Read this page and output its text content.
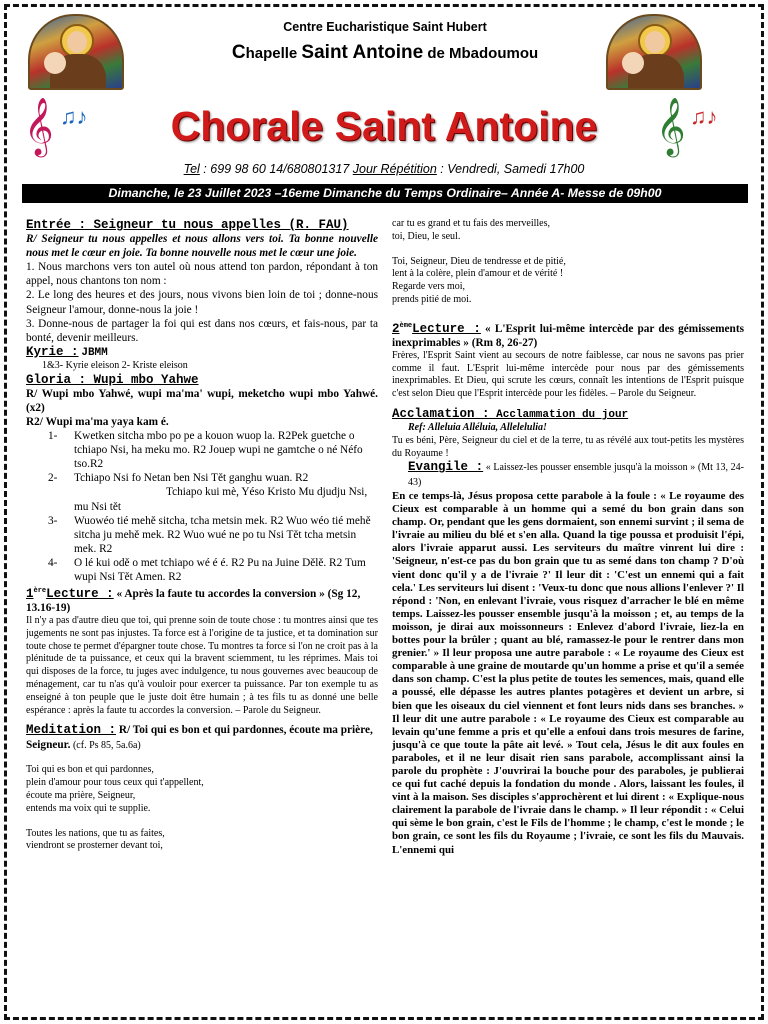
Centre Eucharistique Saint Hubert
Chapelle Saint Antoine de Mbadoumou
𝄞 ♫♪	Chorale Saint Antoine	𝄞 ♫♪
Tel : 699 98 60 14/680801317 Jour Répétition : Vendredi, Samedi 17h00
Dimanche, le 23 Juillet 2023 –16eme Dimanche du Temps Ordinaire– Année A- Messe de 09h00

Entrée : Seigneur tu nous appelles (R. FAU)

R/ Seigneur tu nous appelles et nous allons vers toi. Ta bonne nouvelle nous met le cœur en joie. Ta bonne nouvelle nous met le cœur une joie.

1. Nous marchons vers ton autel où nous attend ton pardon, répondant à ton appel, nous chantons ton nom :

2. Le long des heures et des jours, nous vivons bien loin de toi ; donne-nous Seigneur l'amour, donne-nous la joie !

3. Donne-nous de partager la foi qui est dans nos cœurs, et fais-nous, par ta bonté, devenir meilleurs.

Kyrie : JBMM

1&3- Kyrie eleison 2- Kriste eleison

Gloria : Wupi mbo Yahwe

R/ Wupi mbo Yahwé, wupi ma'ma' wupi, meketcho wupi mbo Yahwé. (x2)

R2/ Wupi ma'ma yaya kam é.

1- Kwetken sitcha mbo po pe a kouon wuop la. R2Pek guetche o tchiapo Nsi, ha meku mo. R2 Jouep wupi ne gamtche o né Néfo tso.R2
2- Tchiapo Nsi fo Netan ben Nsi Tět ganghu wuan. R2
Tchiapo kui mè, Yéso Kristo Mu djudju Nsi, mu Nsi tět
3- Wuowéo tié mehě sitcha, tcha metsin mek. R2 Wuo wéo tié mehě sitcha ju mehě mek. R2 Wuo wué ne po tu Nsi Tět tcha metsin mek. R2
4- O lé kui odě o met tchiapo wé é é. R2 Pu na Juine Dělě. R2 Tum wupi Nsi Tět Amen. R2

1èreLecture : « Après la faute tu accordes la conversion » (Sg 12, 13.16-19)

Il n'y a pas d'autre dieu que toi, qui prenne soin de toute chose : tu montres ainsi que tes jugements ne sont pas injustes. Ta force est à l'origine de ta justice, et ta domination sur toute chose te permet d'épargner toute chose. Tu montres ta force si l'on ne croit pas à la plénitude de ta puissance, et ceux qui la bravent sciemment, tu les réprimes. Mais toi qui disposes de la force, tu juges avec indulgence, tu nous gouvernes avec beaucoup de ménagement, car tu n'as qu'à vouloir pour exercer ta puissance. Par ton exemple tu as enseigné à ton peuple que le juste doit être humain ; à tes fils tu as donné une belle espérance : après la faute tu accordes la conversion. – Parole du Seigneur.

Meditation : R/ Toi qui es bon et qui pardonnes, écoute ma prière, Seigneur. (cf. Ps 85, 5a.6a)

Toi qui es bon et qui pardonnes,

plein d'amour pour tous ceux qui t'appellent,

écoute ma prière, Seigneur,

entends ma voix qui te supplie.

Toutes les nations, que tu as faites,

viendront se prosterner devant toi,

car tu es grand et tu fais des merveilles,

toi, Dieu, le seul.

Toi, Seigneur, Dieu de tendresse et de pitié,

lent à la colère, plein d'amour et de vérité !

Regarde vers moi,

prends pitié de moi.

2èmeLecture : « L'Esprit lui-même intercède par des gémissements inexprimables » (Rm 8, 26-27)

Frères, l'Esprit Saint vient au secours de notre faiblesse, car nous ne savons pas prier comme il faut. L'Esprit lui-même intercède pour nous par des gémissements inexprimables. Et Dieu, qui scrute les cœurs, connaît les intentions de l'Esprit puisque c'est selon Dieu que l'Esprit intercède pour les fidèles. – Parole du Seigneur.

Acclamation : Acclammation du jour

Ref: Alleluia Alléluia, Allelelulia!

Tu es béni, Père, Seigneur du ciel et de la terre, tu as révélé aux tout-petits les mystères du Royaume !

Evangile : « Laissez-les pousser ensemble jusqu'à la moisson » (Mt 13, 24-43)

En ce temps-là, Jésus proposa cette parabole à la foule : « Le royaume des Cieux est comparable à un homme qui a semé du bon grain dans son champ. Or, pendant que les gens dormaient, son ennemi survint ; il sema de l'ivraie au milieu du blé et s'en alla. Quand la tige poussa et produisit l'épi, alors l'ivraie apparut aussi. Les serviteurs du maître vinrent lui dire : 'Seigneur, n'est-ce pas du bon grain que tu as semé dans ton champ ? D'où vient donc qu'il y a de l'ivraie ?' Il leur dit : 'C'est un ennemi qui a fait cela.' Les serviteurs lui disent : 'Veux-tu donc que nous allions l'enlever ?' Il répond : 'Non, en enlevant l'ivraie, vous risquez d'arracher le blé en même temps. Laissez-les pousser ensemble jusqu'à la moisson ; et, au temps de la moisson, je dirai aux moissonneurs : Enlevez d'abord l'ivraie, liez-la en bottes pour la brûler ; quant au blé, ramassez-le pour le rentrer dans mon grenier.' » Il leur proposa une autre parabole : « Le royaume des Cieux est comparable à une graine de moutarde qu'un homme a prise et qu'il a semée dans son champ. C'est la plus petite de toutes les semences, mais, quand elle a poussé, elle dépasse les autres plantes potagères et devient un arbre, si bien que les oiseaux du ciel viennent et font leurs nids dans ses branches. » Il leur dit une autre parabole : « Le royaume des Cieux est comparable au levain qu'une femme a pris et qu'elle a enfoui dans trois mesures de farine, jusqu'à ce que toute la pâte ait levé. » Tout cela, Jésus le dit aux foules en paraboles, et il ne leur disait rien sans parabole, accomplissant ainsi la parole du prophète : J'ouvrirai la bouche pour des paraboles, je publierai ce qui fut caché depuis la fondation du monde . Alors, laissant les foules, il vint à la maison. Ses disciples s'approchèrent et lui dirent : « Explique-nous clairement la parabole de l'ivraie dans le champ. » Il leur répondit : « Celui qui sème le bon grain, c'est le Fils de l'homme ; le champ, c'est le monde ; le bon grain, ce sont les fils du Royaume ; l'ivraie, ce sont les fils du Mauvais. L'ennemi qui
